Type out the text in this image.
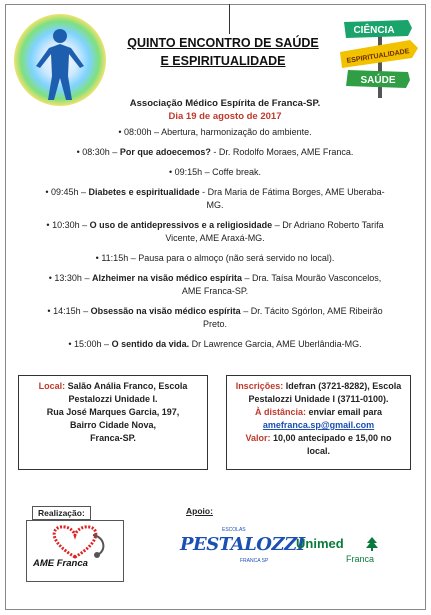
QUINTO ENCONTRO DE SAÚDE
E ESPIRITUALIDADE
CIÊNCIA
ESPIRITUALIDADE
SAÚDE
Associação Médico Espírita de Franca-SP.
Dia 19 de agosto de 2017
• 08:00h – Abertura, harmonização do ambiente.
• 08:30h – Por que adoecemos? - Dr. Rodolfo Moraes, AME Franca.
• 09:15h – Coffe break.
• 09:45h – Diabetes e espiritualidade - Dra Maria de Fátima Borges, AME Uberaba-MG.
• 10:30h – O uso de antidepressivos e a religiosidade – Dr Adriano Roberto Tarifa Vicente, AME Araxá-MG.
• 11:15h – Pausa para o almoço (não será servido no local).
• 13:30h – Alzheimer na visão médico espírita – Dra. Taísa Mourão Vasconcelos, AME Franca-SP.
• 14:15h – Obsessão na visão médico espírita – Dr. Tácito Sgórlon, AME Ribeirão Preto.
• 15:00h – O sentido da vida. Dr Lawrence Garcia, AME Uberlândia-MG.
Local: Salão Anália Franco, Escola
Pestalozzi Unidade I.
Rua José Marques Garcia, 197,
Bairro Cidade Nova,
Franca-SP.
Inscrições: Idefran (3721-8282), Escola
Pestalozzi Unidade I (3711-0100).
À distância: enviar email para
amefranca.sp@gmail.com
Valor: 10,00 antecipado e 15,00 no local.
Realização:	Apoio:
AME Franca
ESCOLAS
PESTALOZZI
FRANCA SP
Unimed
Franca
